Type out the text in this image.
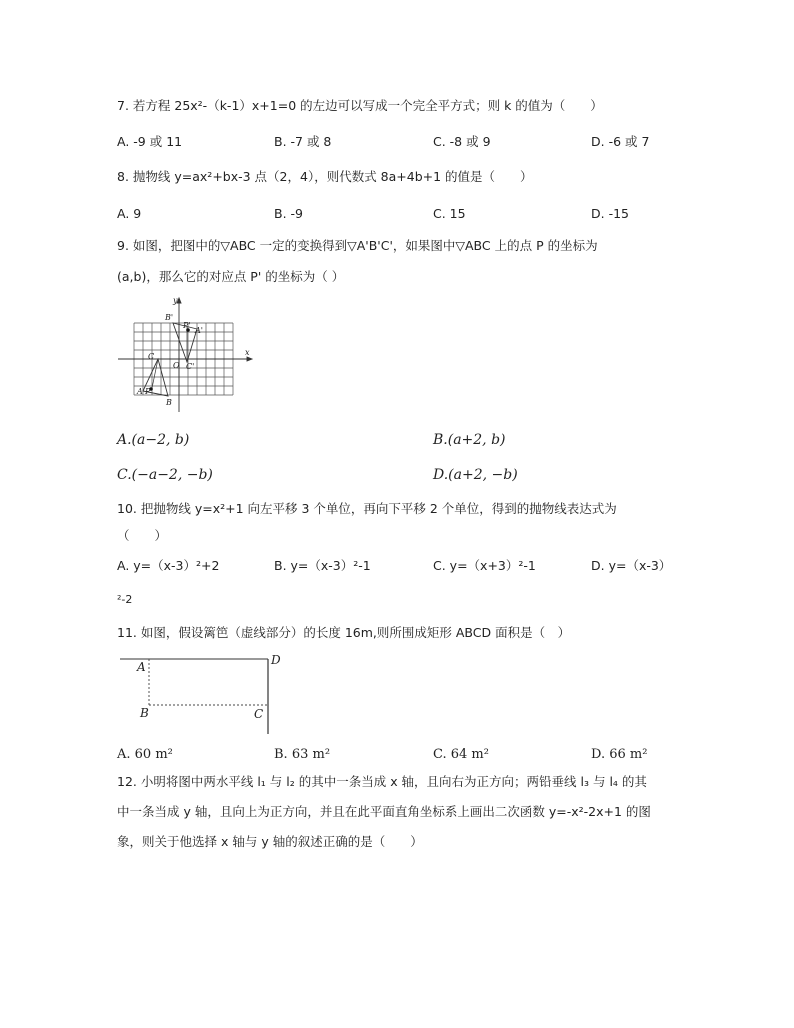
7. 若方程 25x²-（k-1）x+1=0 的左边可以写成一个完全平方式；则 k 的值为（　　）
A. -9 或 11	B. -7 或 8	C. -8 或 9	D. -6 或 7
8. 抛物线 y=ax²+bx-3 点（2，4），则代数式 8a+4b+1 的值是（　　）
A. 9	B. -9	C. 15	D. -15
9. 如图，把图中的▽ABC 一定的变换得到▽A'B'C'，如果图中▽ABC 上的点 P 的坐标为
(a,b)，那么它的对应点 P' 的坐标为（ ）
y
x
B'
P'
A'
O C'
C
A P
B
A.(a−2, b)	B.(a+2, b)
C.(−a−2, −b)	D.(a+2, −b)
10. 把抛物线 y=x²+1 向左平移 3 个单位，再向下平移 2 个单位，得到的抛物线表达式为
（　　）
A. y=（x-3）²+2	B. y=（x-3）²-1	C. y=（x+3）²-1	D. y=（x-3）
²-2
11. 如图，假设篱笆（虚线部分）的长度 16m,则所围成矩形 ABCD 面积是（　）
A
B	C
D
A. 60 m²	B. 63 m²	C. 64 m²	D. 66 m²
12. 小明将图中两水平线 l₁ 与 l₂ 的其中一条当成 x 轴，且向右为正方向；两铅垂线 l₃ 与 l₄ 的其
中一条当成 y 轴，且向上为正方向，并且在此平面直角坐标系上画出二次函数 y=-x²-2x+1 的图
象，则关于他选择 x 轴与 y 轴的叙述正确的是（　　）
